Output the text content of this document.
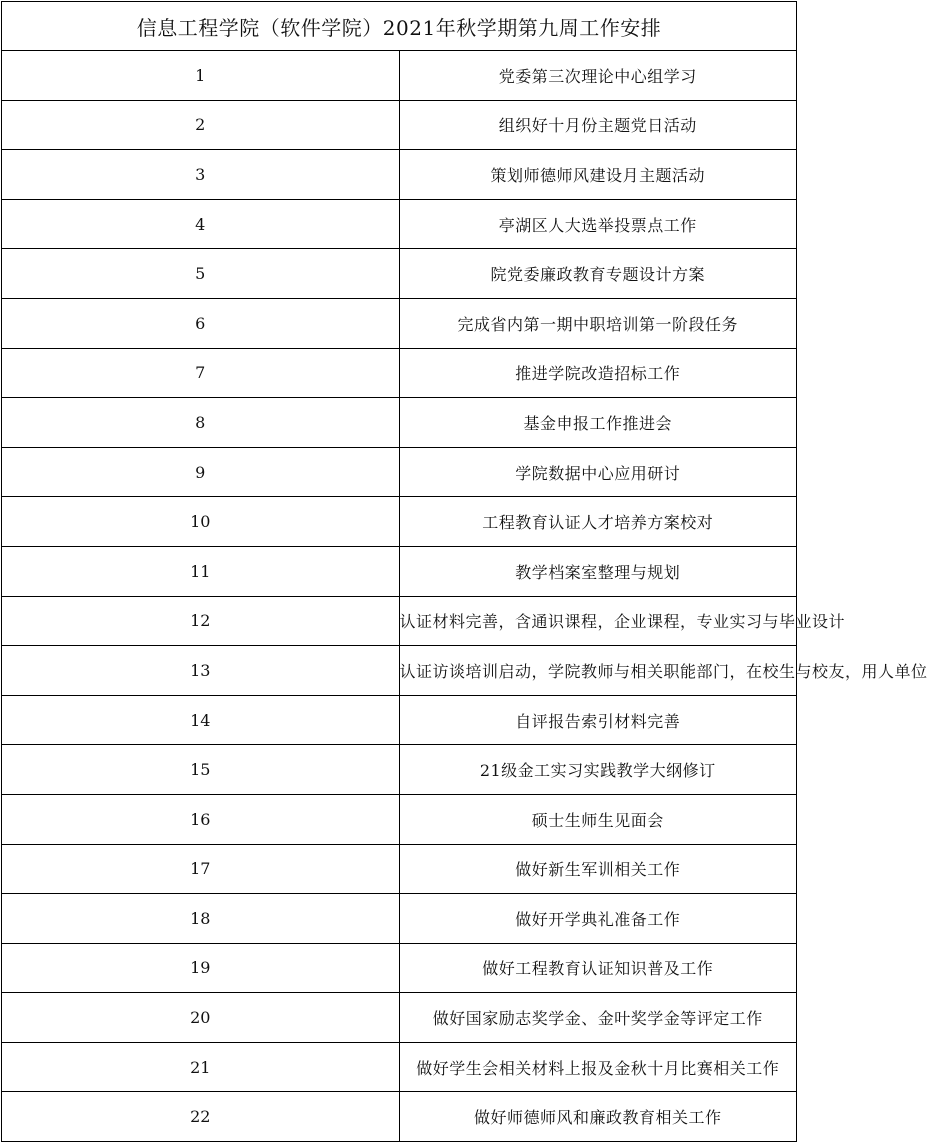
信息工程学院（软件学院）2021年秋学期第九周工作安排	
1	党委第三次理论中心组学习
2	组织好十月份主题党日活动
3	策划师德师风建设月主题活动
4	亭湖区人大选举投票点工作
5	院党委廉政教育专题设计方案
6	完成省内第一期中职培训第一阶段任务
7	推进学院改造招标工作
8	基金申报工作推进会
9	学院数据中心应用研讨
10	工程教育认证人才培养方案校对
11	教学档案室整理与规划
12	认证材料完善，含通识课程，企业课程，专业实习与毕业设计
13	认证访谈培训启动，学院教师与相关职能部门，在校生与校友，用人单位
14	自评报告索引材料完善
15	21级金工实习实践教学大纲修订
16	硕士生师生见面会
17	做好新生军训相关工作
18	做好开学典礼准备工作
19	做好工程教育认证知识普及工作
20	做好国家励志奖学金、金叶奖学金等评定工作
21	做好学生会相关材料上报及金秋十月比赛相关工作
22	做好师德师风和廉政教育相关工作
